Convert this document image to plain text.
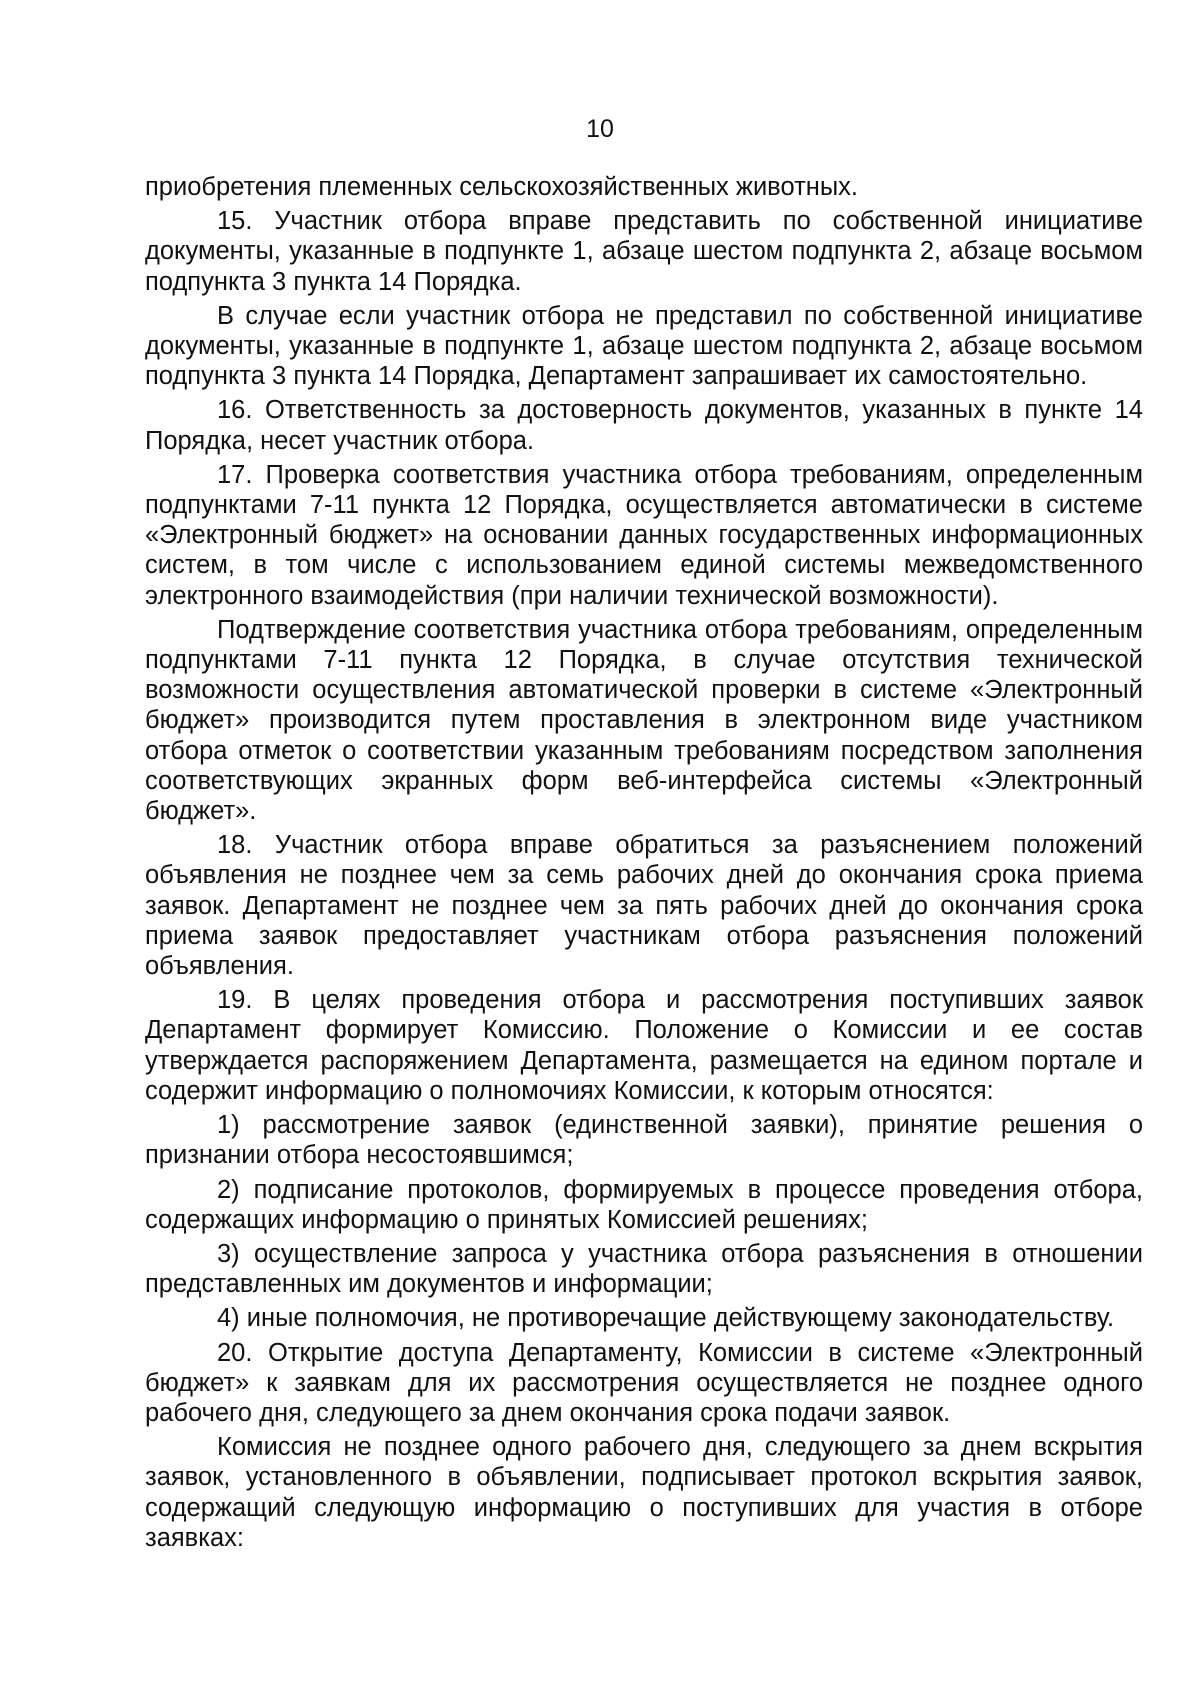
10

приобретения племенных сельскохозяйственных животных.

15. Участник отбора вправе представить по собственной инициативе документы, указанные в подпункте 1, абзаце шестом подпункта 2, абзаце восьмом подпункта 3 пункта 14 Порядка.

В случае если участник отбора не представил по собственной инициативе документы, указанные в подпункте 1, абзаце шестом подпункта 2, абзаце восьмом подпункта 3 пункта 14 Порядка, Департамент запрашивает их самостоятельно.

16. Ответственность за достоверность документов, указанных в пункте 14 Порядка, несет участник отбора.

17. Проверка соответствия участника отбора требованиям, определенным подпунктами 7-11 пункта 12 Порядка, осуществляется автоматически в системе «Электронный бюджет» на основании данных государственных информационных систем, в том числе с использованием единой системы межведомственного электронного взаимодействия (при наличии технической возможности).

Подтверждение соответствия участника отбора требованиям, определенным подпунктами 7-11 пункта 12 Порядка, в случае отсутствия технической возможности осуществления автоматической проверки в системе «Электронный бюджет» производится путем проставления в электронном виде участником отбора отметок о соответствии указанным требованиям посредством заполнения соответствующих экранных форм веб-интерфейса системы «Электронный бюджет».

18. Участник отбора вправе обратиться за разъяснением положений объявления не позднее чем за семь рабочих дней до окончания срока приема заявок. Департамент не позднее чем за пять рабочих дней до окончания срока приема заявок предоставляет участникам отбора разъяснения положений объявления.

19. В целях проведения отбора и рассмотрения поступивших заявок Департамент формирует Комиссию. Положение о Комиссии и ее состав утверждается распоряжением Департамента, размещается на едином портале и содержит информацию о полномочиях Комиссии, к которым относятся:

1) рассмотрение заявок (единственной заявки), принятие решения о признании отбора несостоявшимся;

2) подписание протоколов, формируемых в процессе проведения отбора, содержащих информацию о принятых Комиссией решениях;

3) осуществление запроса у участника отбора разъяснения в отношении представленных им документов и информации;

4) иные полномочия, не противоречащие действующему законодательству.

20. Открытие доступа Департаменту, Комиссии в системе «Электронный бюджет» к заявкам для их рассмотрения осуществляется не позднее одного рабочего дня, следующего за днем окончания срока подачи заявок.

Комиссия не позднее одного рабочего дня, следующего за днем вскрытия заявок, установленного в объявлении, подписывает протокол вскрытия заявок, содержащий следующую информацию о поступивших для участия в отборе заявках:
